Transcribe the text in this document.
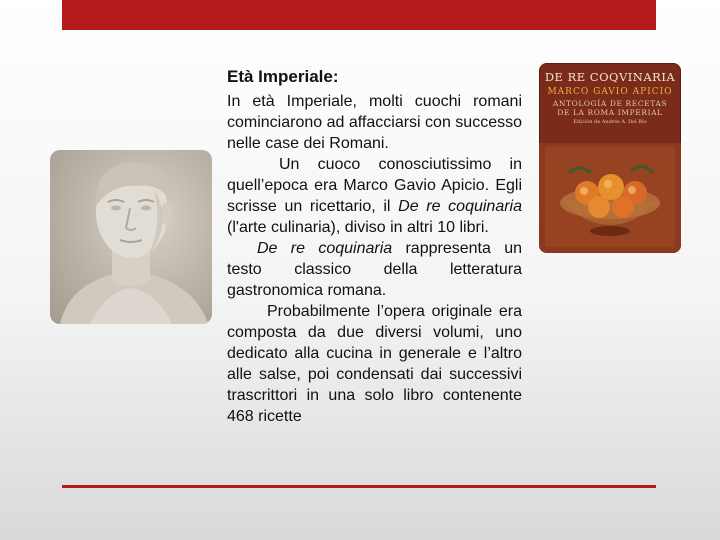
Età Imperiale:

In età Imperiale, molti cuochi romani cominciarono ad affacciarsi con successo nelle case dei Romani.

Un cuoco conosciutissimo in quell’epoca era Marco Gavio Apicio. Egli scrisse un ricettario, il De re coquinaria (l'arte culinaria), diviso in altri 10 libri.

De re coquinaria rappresenta un testo classico della letteratura gastronomica romana.

Probabilmente l’opera originale era composta da due diversi volumi, uno dedicato alla cucina in generale e l’altro alle salse, poi condensati dai successivi trascrittori in una solo libro contenente 468 ricette

DE RE COQVINARIA
MARCO GAVIO APICIO
ANTOLOGÍA DE RECETAS
DE LA ROMA IMPERIAL
Edición de Andrés A. Del Río
